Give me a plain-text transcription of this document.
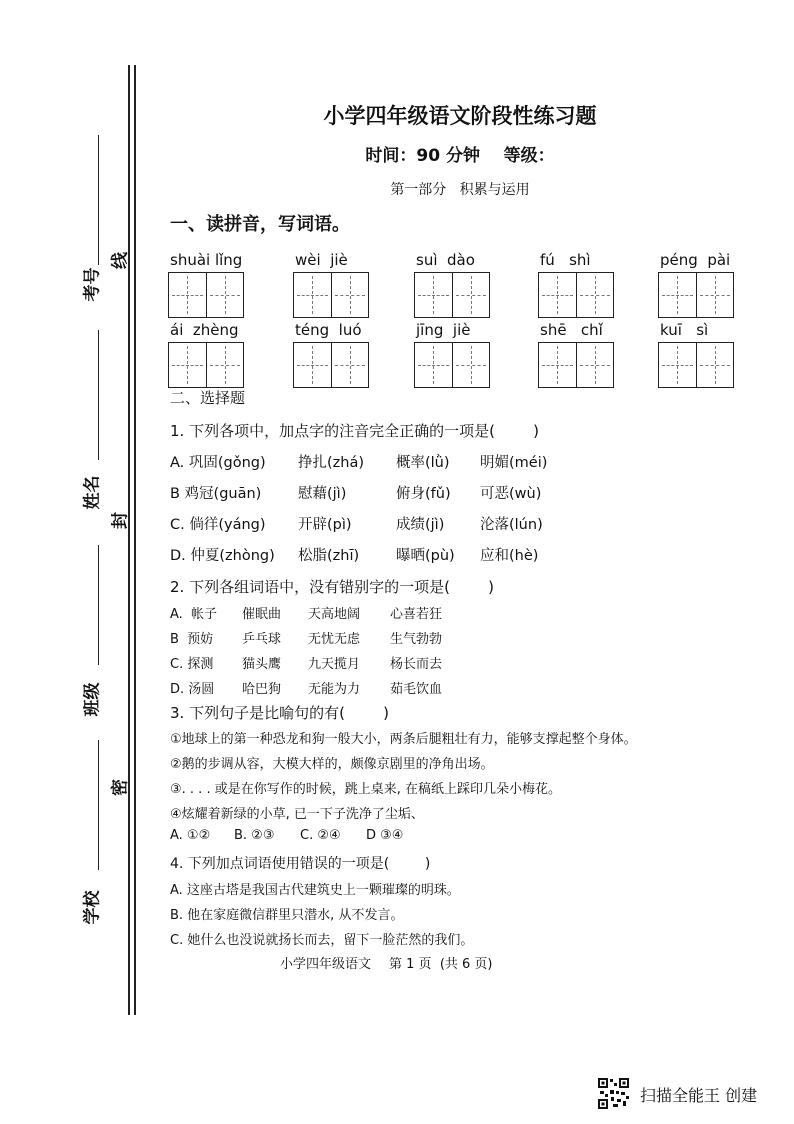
考号
姓名
班级
学校
线
封
密
小学四年级语文阶段性练习题
时间：90 分钟    等级：
第一部分   积累与运用
一、读拼音，写词语。
shuài lǐng	wèi  jiè	suì  dào	fú   shì	péng  pài
ái  zhèng	téng  luó	jīng  jiè	shē   chǐ	kuī   sì
二、选择题
1. 下列各项中，加点字的注音完全正确的一项是(        )
A. 巩固(gǒng) 挣扎(zhá) 概率(lǜ) 明媚(méi)
B 鸡冠(guān)	慰藉(jì)	俯身(fǔ) 可恶(wù)
C. 倘徉(yáng) 开辟(pì)	成绩(jì) 沦落(lún)
D. 仲夏(zhòng) 松脂(zhī)	曝晒(pù) 应和(hè)
2. 下列各组词语中，没有错别字的一项是(        )
A.  帐子 催眠曲 天高地阔 心喜若狂
B  预妨 乒乓球 无忧无虑 生气勃勃
C. 探测 猫头鹰 九天揽月 杨长而去
D. 汤圆 哈巴狗 无能为力 茹毛饮血
3. 下列句子是比喻句的有(        )
①地球上的第一种恐龙和狗一般大小，两条后腿粗壮有力，能够支撑起整个身体。
②鹅的步调从容，大模大样的，颇像京剧里的净角出场。
③. . . . 或是在你写作的时候，跳上桌来, 在稿纸上踩印几朵小梅花。
④炫耀着新绿的小草, 已一下子洗净了尘垢、
A. ①② B. ②③ C. ②④ D ③④
4. 下列加点词语使用错误的一项是(        )
A. 这座古塔是我国古代建筑史上一颗璀璨的明珠。
B. 他在家庭微信群里只潜水, 从不发言。
C. 她什么也没说就扬长而去，留下一脸茫然的我们。
小学四年级语文 第 1 页  (共 6 页)
扫描全能王 创建
